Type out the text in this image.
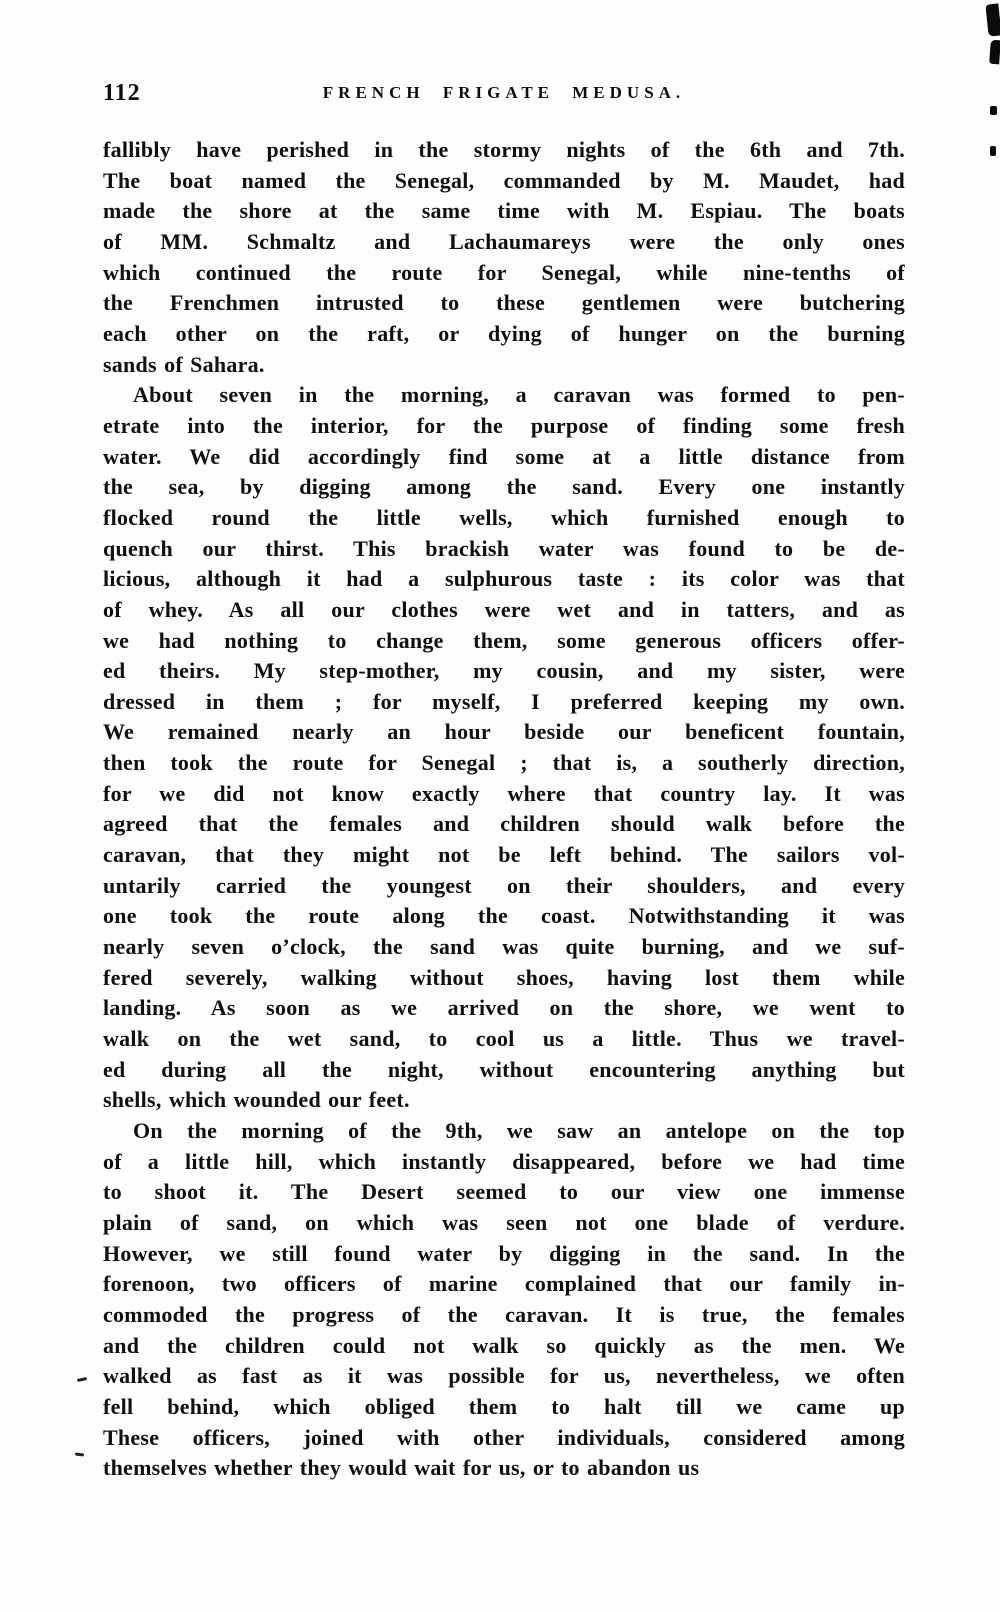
112	FRENCH FRIGATE MEDUSA.
fallibly have perished in the stormy nights of the 6th and 7th.
The boat named the Senegal, commanded by M. Maudet, had
made the shore at the same time with M. Espiau. The boats
of MM. Schmaltz and Lachaumareys were the only ones
which continued the route for Senegal, while nine-tenths of
the Frenchmen intrusted to these gentlemen were butchering
each other on the raft, or dying of hunger on the burning
sands of Sahara.
About seven in the morning, a caravan was formed to pen-
etrate into the interior, for the purpose of finding some fresh
water. We did accordingly find some at a little distance from
the sea, by digging among the sand. Every one instantly
flocked round the little wells, which furnished enough to
quench our thirst. This brackish water was found to be de-
licious, although it had a sulphurous taste : its color was that
of whey. As all our clothes were wet and in tatters, and as
we had nothing to change them, some generous officers offer-
ed theirs. My step-mother, my cousin, and my sister, were
dressed in them ; for myself, I preferred keeping my own.
We remained nearly an hour beside our beneficent fountain,
then took the route for Senegal ; that is, a southerly direction,
for we did not know exactly where that country lay. It was
agreed that the females and children should walk before the
caravan, that they might not be left behind. The sailors vol-
untarily carried the youngest on their shoulders, and every
one took the route along the coast. Notwithstanding it was
nearly seven o’clock, the sand was quite burning, and we suf-
fered severely, walking without shoes, having lost them while
landing. As soon as we arrived on the shore, we went to
walk on the wet sand, to cool us a little. Thus we travel-
ed during all the night, without encountering anything but
shells, which wounded our feet.
On the morning of the 9th, we saw an antelope on the top
of a little hill, which instantly disappeared, before we had time
to shoot it. The Desert seemed to our view one immense
plain of sand, on which was seen not one blade of verdure.
However, we still found water by digging in the sand. In the
forenoon, two officers of marine complained that our family in-
commoded the progress of the caravan. It is true, the females
and the children could not walk so quickly as the men. We
walked as fast as it was possible for us, nevertheless, we often
fell behind, which obliged them to halt till we came up
These officers, joined with other individuals, considered among
themselves whether they would wait for us, or to abandon us
